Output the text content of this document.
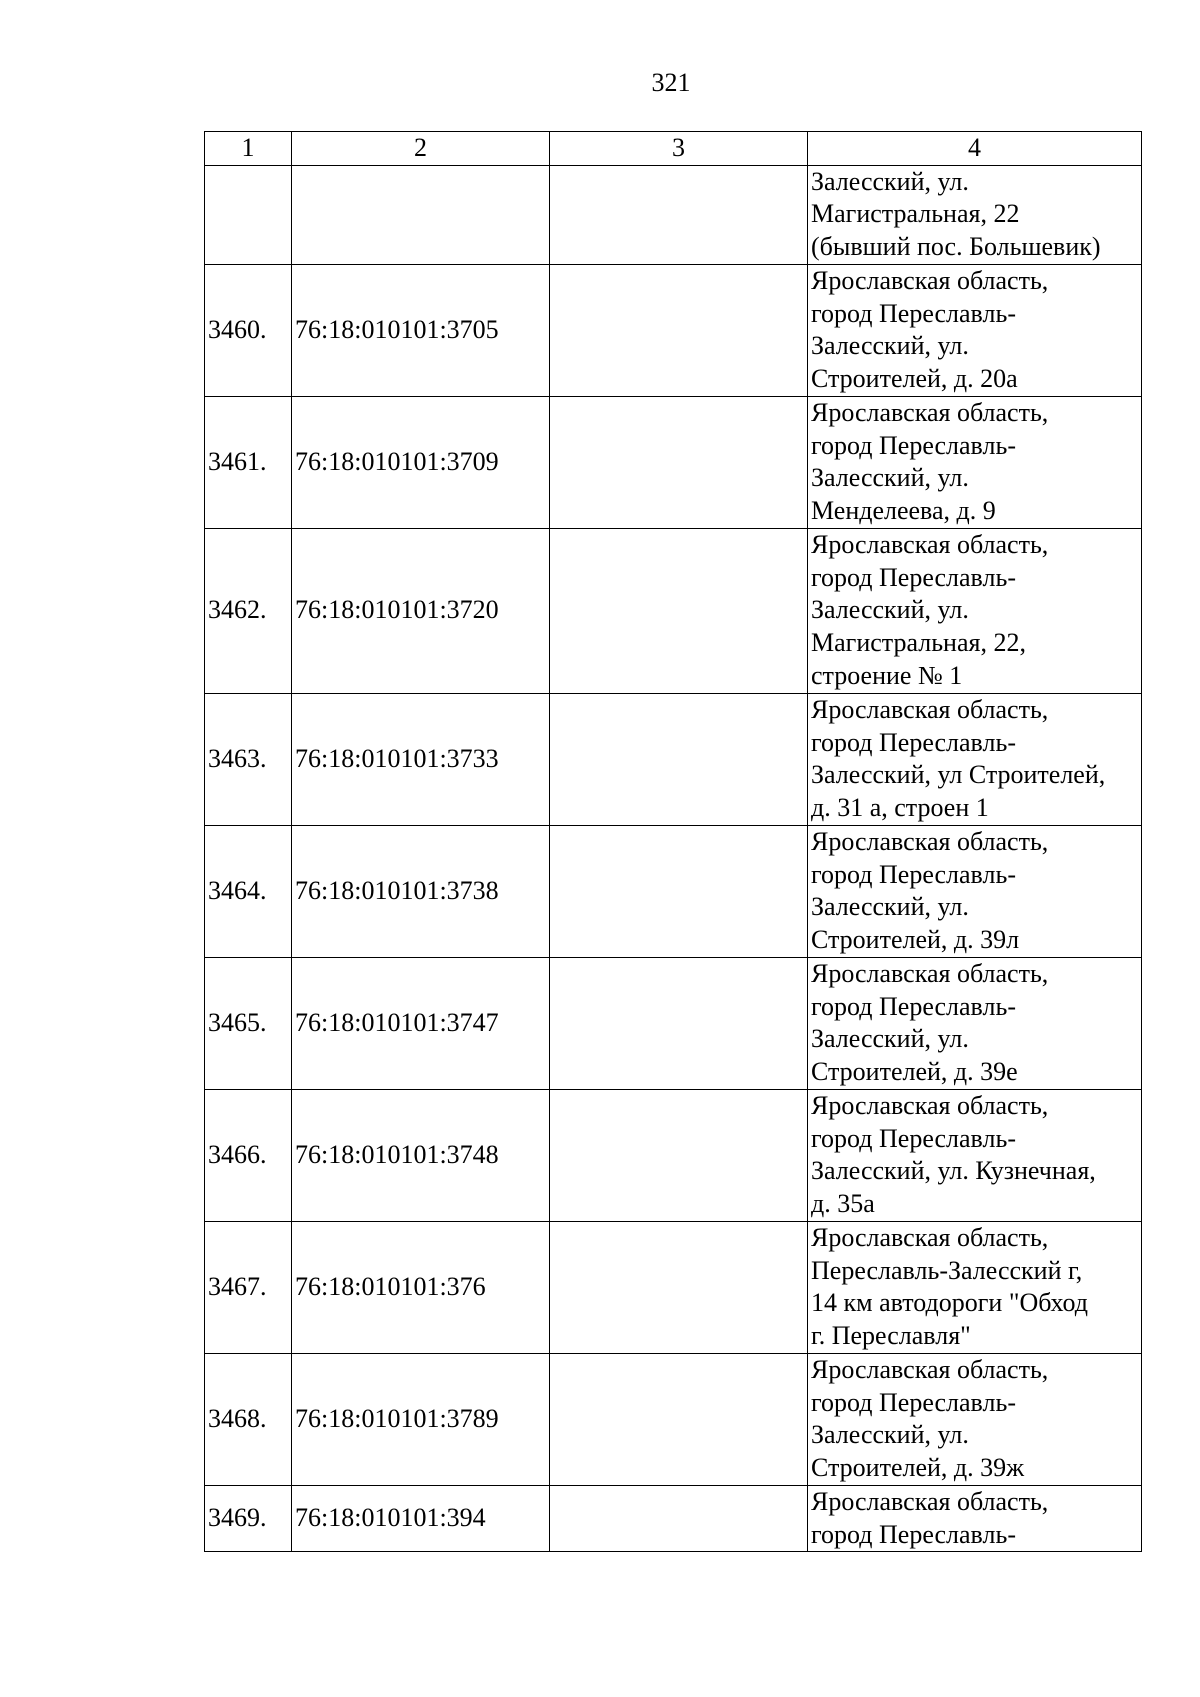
321
1	2	3	4

			Залесский, ул.
Магистральная, 22
(бывший пос. Большевик)

3460.	76:18:010101:3705		Ярославская область,
город Переславль-
Залесский, ул.
Строителей, д. 20а

3461.	76:18:010101:3709		Ярославская область,
город Переславль-
Залесский, ул.
Менделеева, д. 9

3462.	76:18:010101:3720		Ярославская область,
город Переславль-
Залесский, ул.
Магистральная, 22,
строение № 1

3463.	76:18:010101:3733		Ярославская область,
город Переславль-
Залесский, ул Строителей,
д. 31 а, строен 1

3464.	76:18:010101:3738		Ярославская область,
город Переславль-
Залесский, ул.
Строителей, д. 39л

3465.	76:18:010101:3747		Ярославская область,
город Переславль-
Залесский, ул.
Строителей, д. 39е

3466.	76:18:010101:3748		Ярославская область,
город Переславль-
Залесский, ул. Кузнечная,
д. 35а

3467.	76:18:010101:376		Ярославская область,
Переславль-Залесский г,
14 км автодороги "Обход
г. Переславля"

3468.	76:18:010101:3789		Ярославская область,
город Переславль-
Залесский, ул.
Строителей, д. 39ж

3469.	76:18:010101:394		Ярославская область,
город Переславль-
